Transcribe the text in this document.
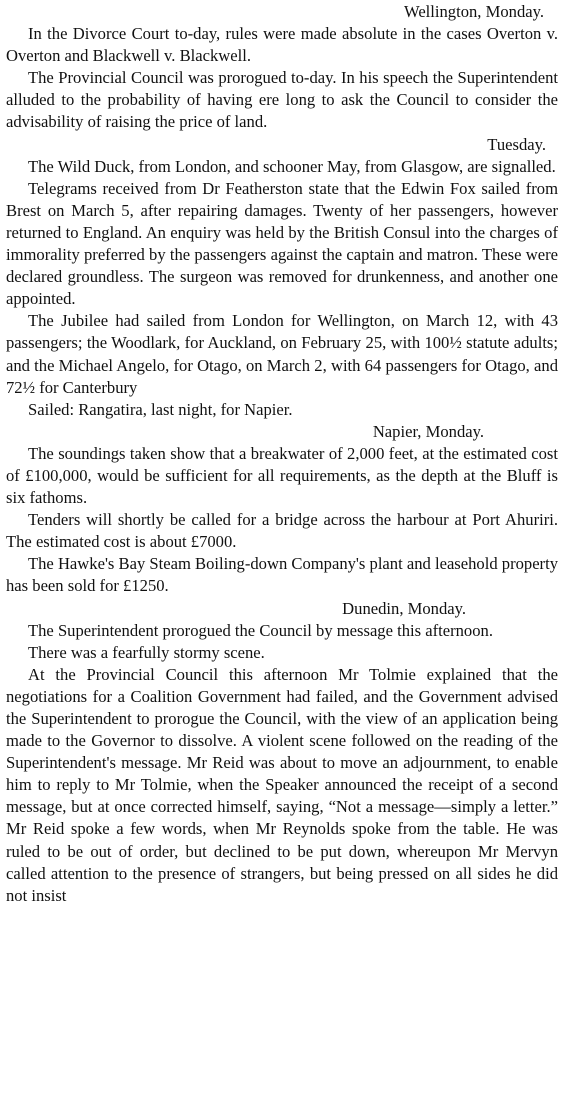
Wellington, Monday.

In the Divorce Court to-day, rules were made absolute in the cases Overton v. Overton and Blackwell v. Blackwell.

The Provincial Council was prorogued to-day. In his speech the Superintendent alluded to the probability of having ere long to ask the Council to consider the advisability of raising the price of land.

Tuesday.

The Wild Duck, from London, and schooner May, from Glasgow, are signalled.

Telegrams received from Dr Featherston state that the Edwin Fox sailed from Brest on March 5, after repairing damages. Twenty of her passengers, however returned to England. An enquiry was held by the British Consul into the charges of immorality preferred by the passengers against the captain and matron. These were declared groundless. The surgeon was removed for drunkenness, and another one appointed.

The Jubilee had sailed from London for Wellington, on March 12, with 43 passengers; the Woodlark, for Auckland, on February 25, with 100½ statute adults; and the Michael Angelo, for Otago, on March 2, with 64 passengers for Otago, and 72½ for Canterbury

Sailed: Rangatira, last night, for Napier.

Napier, Monday.

The soundings taken show that a breakwater of 2,000 feet, at the estimated cost of £100,000, would be sufficient for all requirements, as the depth at the Bluff is six fathoms.

Tenders will shortly be called for a bridge across the harbour at Port Ahuriri. The estimated cost is about £7000.

The Hawke's Bay Steam Boiling-down Company's plant and leasehold property has been sold for £1250.

Dunedin, Monday.

The Superintendent prorogued the Council by message this afternoon.

There was a fearfully stormy scene.

At the Provincial Council this afternoon Mr Tolmie explained that the negotiations for a Coalition Government had failed, and the Government advised the Superintendent to prorogue the Council, with the view of an application being made to the Governor to dissolve. A violent scene followed on the reading of the Superintendent's message. Mr Reid was about to move an adjournment, to enable him to reply to Mr Tolmie, when the Speaker announced the receipt of a second message, but at once corrected himself, saying, “Not a message—simply a letter.” Mr Reid spoke a few words, when Mr Reynolds spoke from the table. He was ruled to be out of order, but declined to be put down, whereupon Mr Mervyn called attention to the presence of strangers, but being pressed on all sides he did not insist
